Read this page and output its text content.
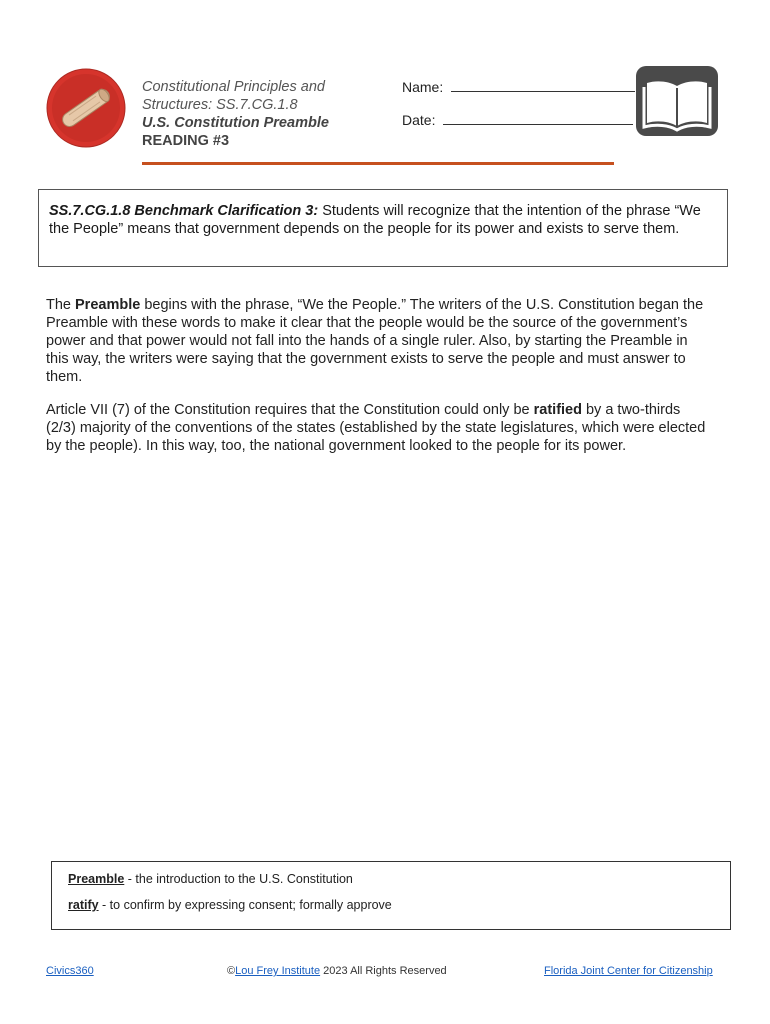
Constitutional Principles and
Structures: SS.7.CG.1.8
U.S. Constitution Preamble
READING #3
Name:
Date:
SS.7.CG.1.8 Benchmark Clarification 3: Students will recognize that the intention of the phrase “We the People” means that government depends on the people for its power and exists to serve them.

The Preamble begins with the phrase, “We the People.” The writers of the U.S. Constitution began the Preamble with these words to make it clear that the people would be the source of the government’s power and that power would not fall into the hands of a single ruler. Also, by starting the Preamble in this way, the writers were saying that the government exists to serve the people and must answer to them.

Article VII (7) of the Constitution requires that the Constitution could only be ratified by a two-thirds (2/3) majority of the conventions of the states (established by the state legislatures, which were elected by the people). In this way, too, the national government looked to the people for its power.

Preamble - the introduction to the U.S. Constitution
ratify - to confirm by expressing consent; formally approve
Civics360	©Lou Frey Institute 2023 All Rights Reserved	Florida Joint Center for Citizenship
